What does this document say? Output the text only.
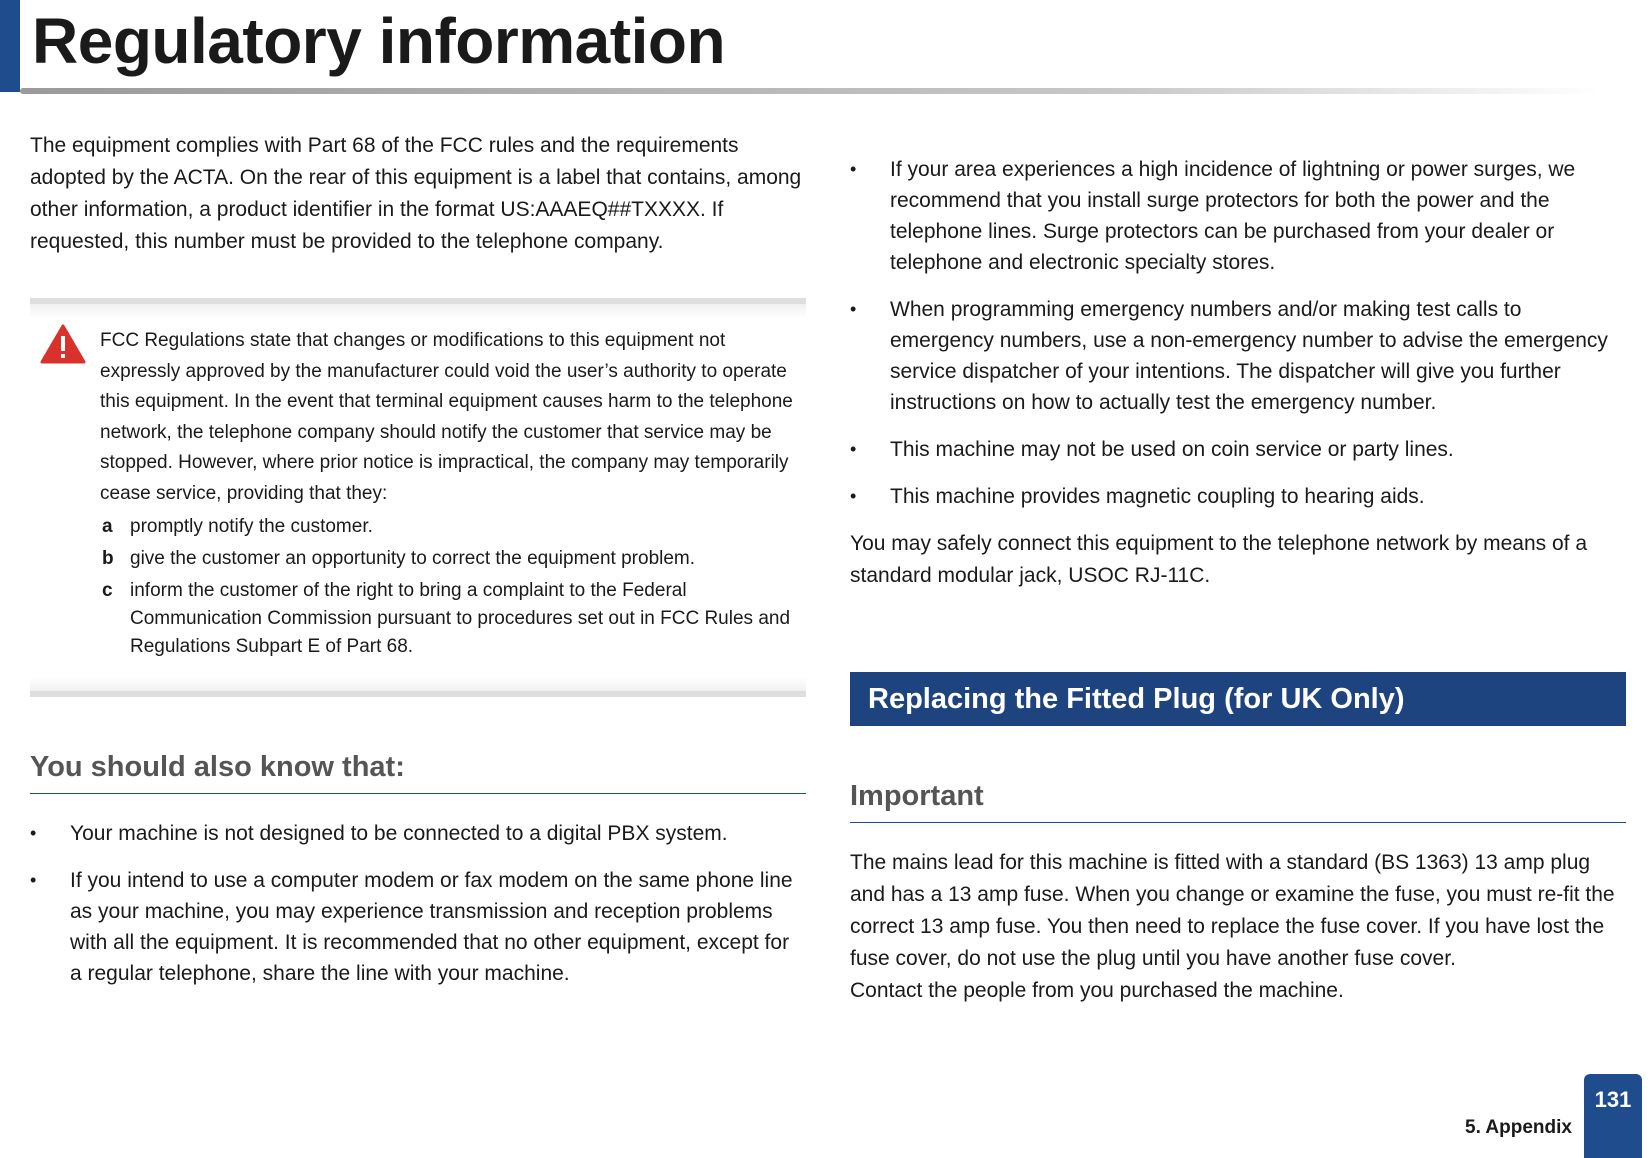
Regulatory information

The equipment complies with Part 68 of the FCC rules and the requirements adopted by the ACTA. On the rear of this equipment is a label that contains, among other information, a product identifier in the format US:AAAEQ##TXXXX. If requested, this number must be provided to the telephone company.

FCC Regulations state that changes or modifications to this equipment not expressly approved by the manufacturer could void the user’s authority to operate this equipment. In the event that terminal equipment causes harm to the telephone network, the telephone company should notify the customer that service may be stopped. However, where prior notice is impractical, the company may temporarily cease service, providing that they:
a promptly notify the customer.
b give the customer an opportunity to correct the equipment problem.
c inform the customer of the right to bring a complaint to the Federal Communication Commission pursuant to procedures set out in FCC Rules and Regulations Subpart E of Part 68.
You should also know that:
• Your machine is not designed to be connected to a digital PBX system.
• If you intend to use a computer modem or fax modem on the same phone line as your machine, you may experience transmission and reception problems with all the equipment. It is recommended that no other equipment, except for a regular telephone, share the line with your machine.
• If your area experiences a high incidence of lightning or power surges, we recommend that you install surge protectors for both the power and the telephone lines. Surge protectors can be purchased from your dealer or telephone and electronic specialty stores.
• When programming emergency numbers and/or making test calls to emergency numbers, use a non-emergency number to advise the emergency service dispatcher of your intentions. The dispatcher will give you further instructions on how to actually test the emergency number.
• This machine may not be used on coin service or party lines.
• This machine provides magnetic coupling to hearing aids.

You may safely connect this equipment to the telephone network by means of a standard modular jack, USOC RJ-11C.

Replacing the Fitted Plug (for UK Only)
Important

The mains lead for this machine is fitted with a standard (BS 1363) 13 amp plug and has a 13 amp fuse. When you change or examine the fuse, you must re-fit the correct 13 amp fuse. You then need to replace the fuse cover. If you have lost the fuse cover, do not use the plug until you have another fuse cover.

Contact the people from you purchased the machine.

5. Appendix
131
